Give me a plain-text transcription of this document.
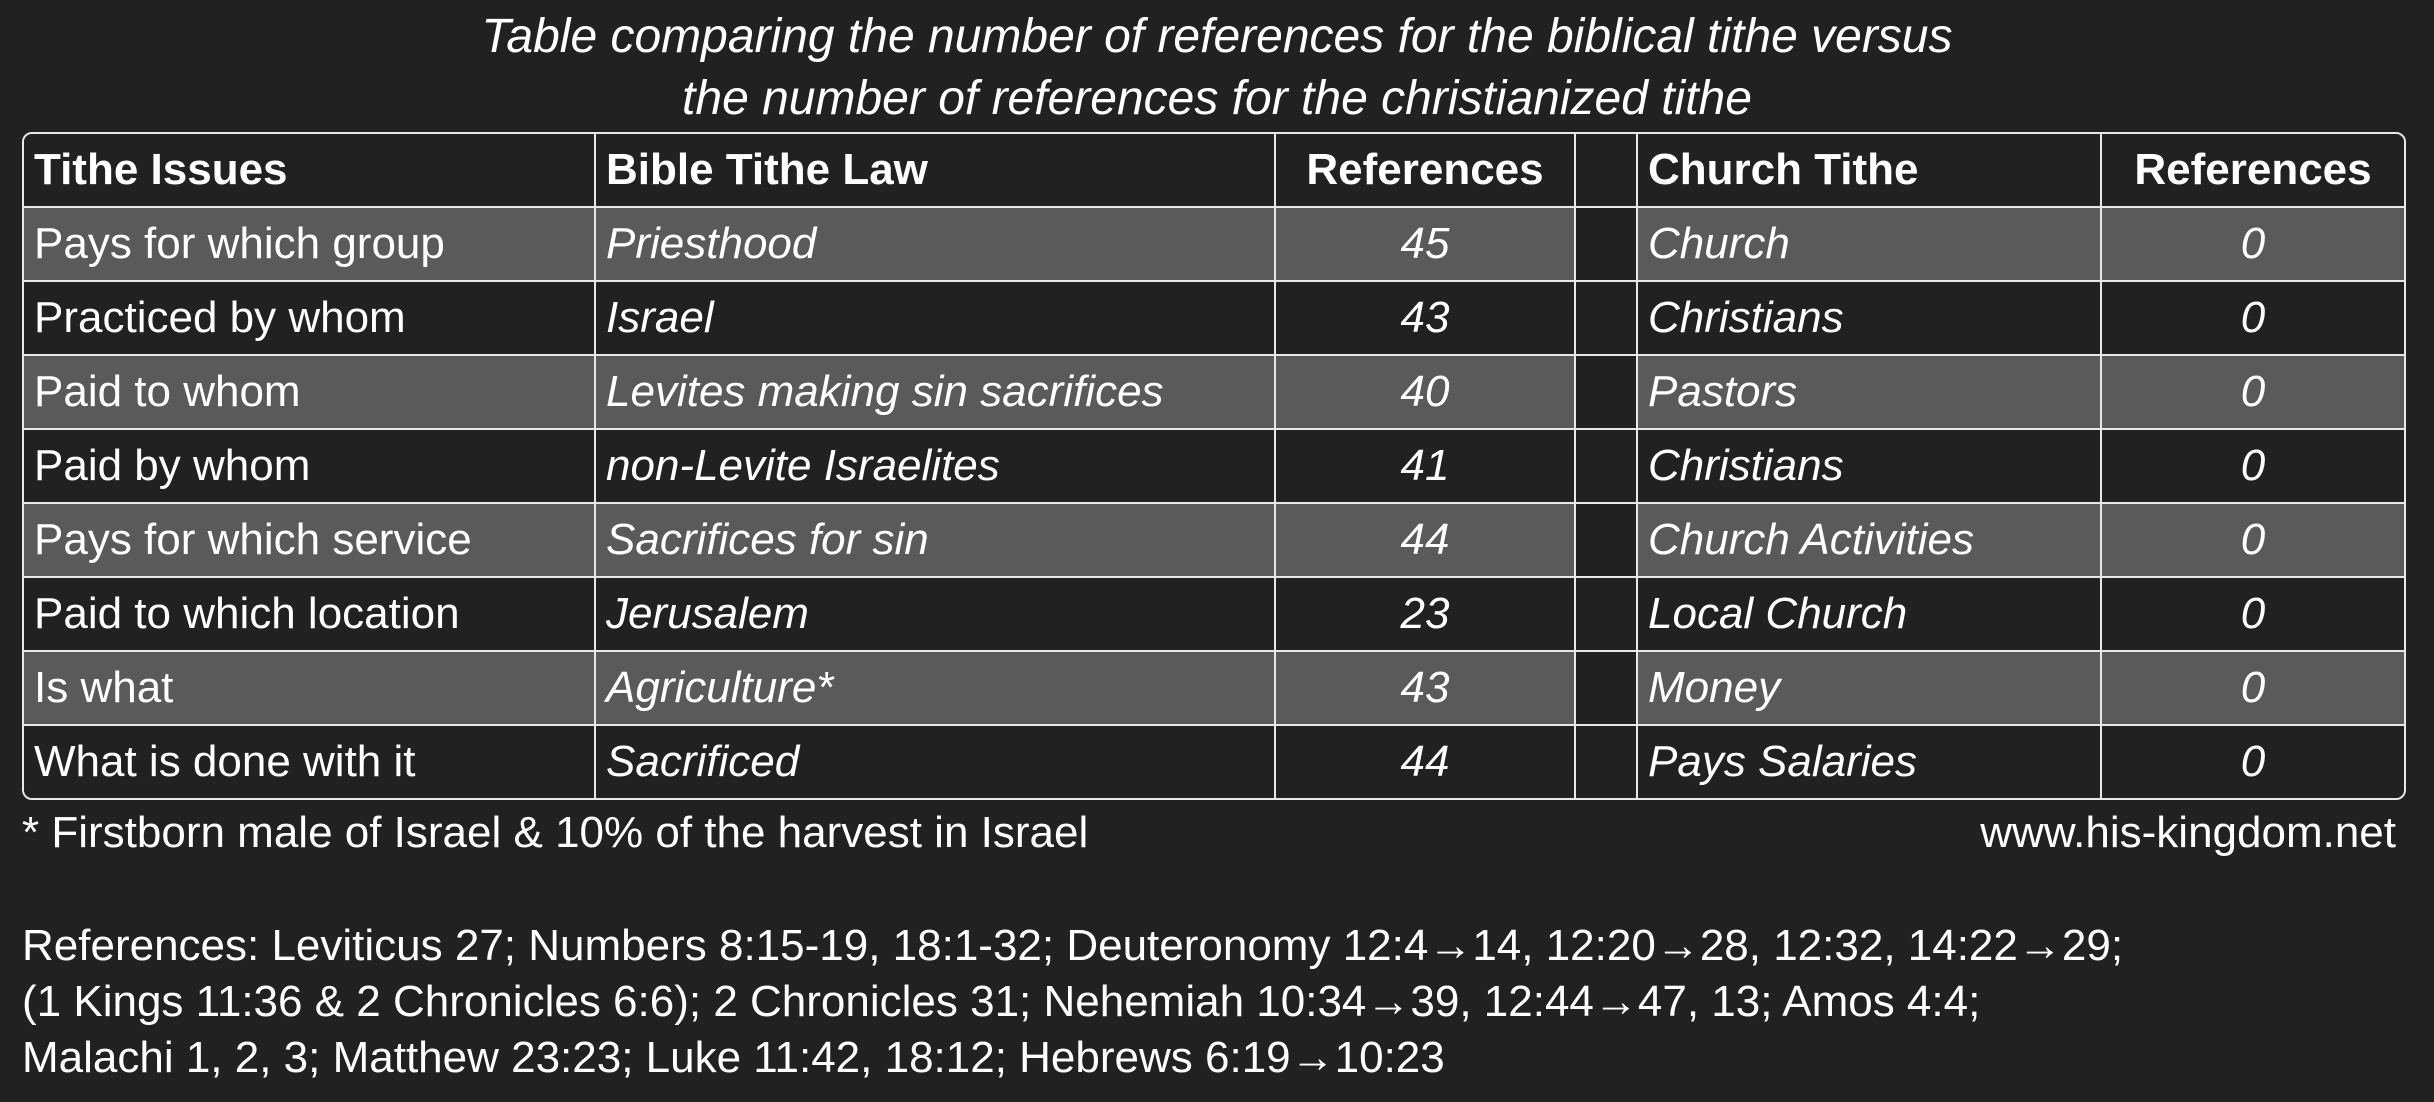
Table comparing the number of references for the biblical tithe versus
the number of references for the christianized tithe
Tithe Issues	Bible Tithe Law	References		Church Tithe	References
Pays for which group	Priesthood	45		Church	0
Practiced by whom	Israel	43		Christians	0
Paid to whom	Levites making sin sacrifices	40		Pastors	0
Paid by whom	non-Levite Israelites	41		Christians	0
Pays for which service	Sacrifices for sin	44		Church Activities	0
Paid to which location	Jerusalem	23		Local Church	0
Is what	Agriculture*	43		Money	0
What is done with it	Sacrificed	44		Pays Salaries	0
* Firstborn male of Israel & 10% of the harvest in Israel	www.his-kingdom.net
References: Leviticus 27; Numbers 8:15-19, 18:1-32; Deuteronomy 12:4→14, 12:20→28, 12:32, 14:22→29;
(1 Kings 11:36 & 2 Chronicles 6:6); 2 Chronicles 31; Nehemiah 10:34→39, 12:44→47, 13; Amos 4:4;
Malachi 1, 2, 3; Matthew 23:23; Luke 11:42, 18:12; Hebrews 6:19→10:23
